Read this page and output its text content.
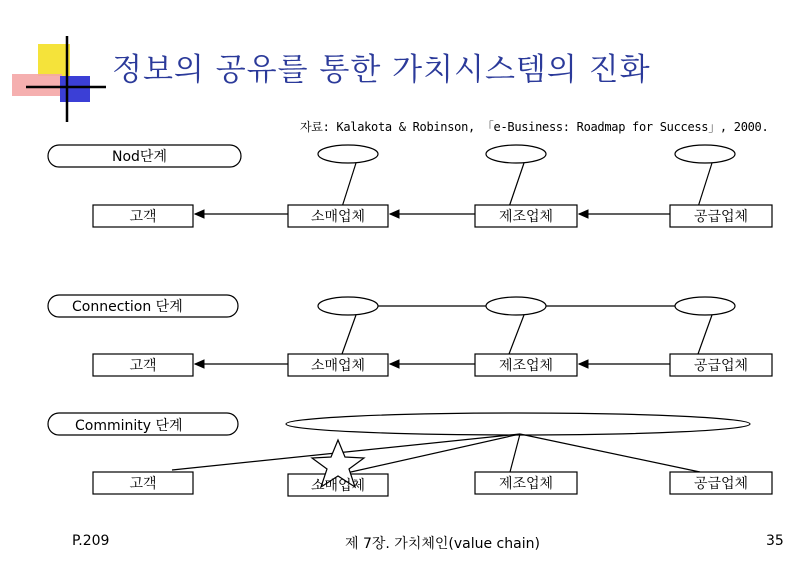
정보의 공유를 통한 가치시스템의 진화
자료: Kalakota & Robinson, 「e-Business: Roadmap for Success」, 2000.
Nod단계
Connection 단계
Comminity 단계
고객	소매업체	제조업체	공급업체
고객	소매업체	제조업체	공급업체
고객	소매업체	제조업체	공급업체
P.209	제 7장. 가치체인(value chain)	35
